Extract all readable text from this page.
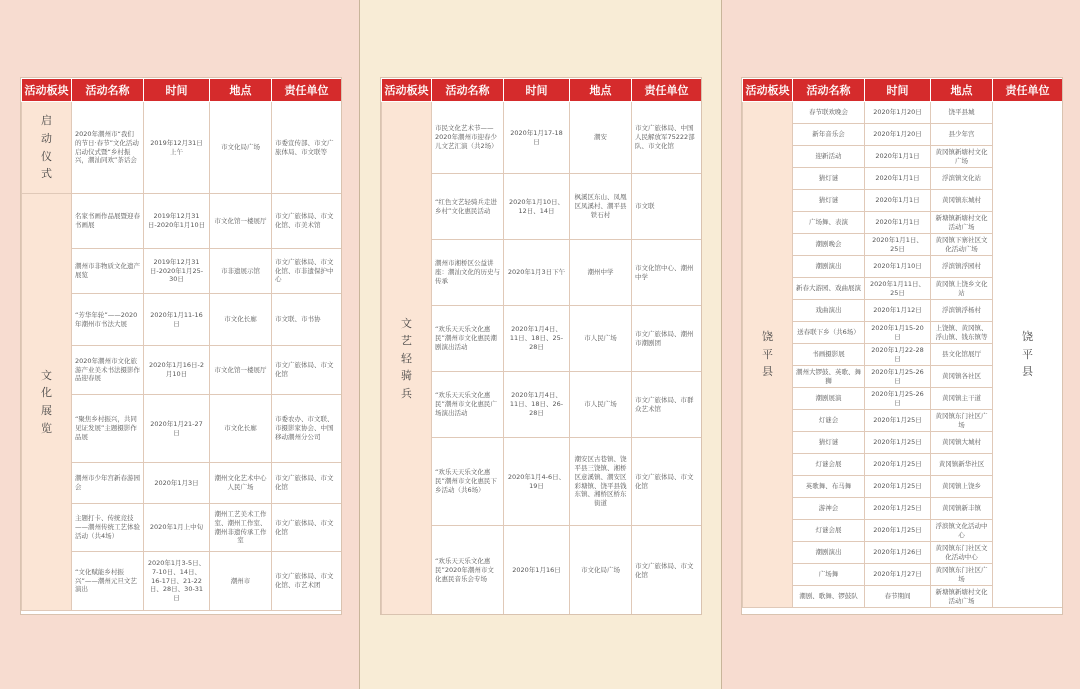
活动板块	活动名称	时间	地点	责任单位
启动仪式	2020年潮州市“我们的节日·春节”文化活动启动仪式暨“乡村振兴，潮汕同欢”茶话会	2019年12月31日上午	市文化局广场	市委宣传部、市文广旅体局、市文联等
文化展览	名家书画作品展暨迎春书画展	2019年12月31日-2020年1月10日	市文化馆一楼展厅	市文广旅体局、市文化馆、市美术馆
	潮州市非物质文化遗产展览	2019年12月31日-2020年1月25-30日	市非遗展示馆	市文广旅体局、市文化馆、市非遗保护中心
	“芳华年轮”——2020年潮州市书法大展	2020年1月11-16日	市文化长廊	市文联、市书协
	2020年潮州市文化旅游产业美术书法摄影作品迎春展	2020年1月16日-2月10日	市文化馆一楼展厅	市文广旅体局、市文化馆
	“聚焦乡村振兴，共同见证发展”主题摄影作品展	2020年1月21-27日	市文化长廊	市委农办、市文联、市摄影家协会、中国移动潮州分公司
	潮州市少年宫新春游园会	2020年1月3日	潮州文化艺术中心人民广场	市文广旅体局、市文化馆
	主题打卡、传统竞技——潮州传统工艺体验活动（共4场）	2020年1月上中旬	潮州工艺美术工作室、潮州工作室、潮州非遗传承工作室	市文广旅体局、市文化馆
	“文化赋能乡村振兴”——潮州元旦文艺演出	2020年1月3-5日、7-10日、14日、16-17日、21-22日、28日、30-31日	潮州市	市文广旅体局、市文化馆、市艺术团
活动板块	活动名称	时间	地点	责任单位
文艺轻骑兵	市民文化艺术节——2020年潮州市迎春少儿文艺汇演（共2场）	2020年1月17-18日	潮安	市文广旅体局、中国人民解放军75222部队、市文化馆
	“红色文艺轻骑兵走进乡村”文化惠民活动	2020年1月10日、12日、14日	枫溪区东山、凤凰区凤溪村、潮平县铁石村	市文联
	潮州市湘桥区公益讲座：潮汕文化的历史与传承	2020年1月3日下午	潮州中学	市文化馆中心、潮州中学
	“欢乐天天乐文化惠民”潮州市文化惠民潮剧演出活动	2020年1月4日、11日、18日、25-28日	市人民广场	市文广旅体局、潮州市潮剧团
	“欢乐天天乐文化惠民”潮州市文化惠民广场演出活动	2020年1月4日、11日、18日、26-28日	市人民广场	市文广旅体局、市群众艺术馆
	“欢乐天天乐文化惠民”潮州市文化惠民下乡活动（共6场）	2020年1月4-6日、19日	潮安区古巷镇、饶平县三饶镇、湘桥区意溪镇、潮安区彩塘镇、饶平县钱东镇、湘桥区桥东街道	市文广旅体局、市文化馆
	“欢乐天天乐文化惠民”2020年潮州市文化惠民音乐会专场	2020年1月16日	市文化局广场	市文广旅体局、市文化馆
活动板块	活动名称	时间	地点	责任单位
饶平县	春节联欢晚会	2020年1月20日	饶平县城	饶平县
	新年音乐会	2020年1月20日	县少年宫	
	迎新活动	2020年1月1日	黄冈镇新塘村文化广场	
	猜灯谜	2020年1月1日	浮滨镇文化站	
	猜灯谜	2020年1月1日	黄冈镇东城村	
	广场舞、表演	2020年1月1日	新塘镇新塘村文化活动广场	
	潮剧晚会	2020年1月1日、25日	黄冈镇下寨社区文化活动广场	
	潮剧演出	2020年1月10日	浮滨镇浮园村	
	新春大游园、戏曲展演	2020年1月11日、25日	黄冈镇上饶乡文化站	
	戏曲演出	2020年1月12日	浮滨镇浮杨村	
	送春联下乡（共6场）	2020年1月15-20日	上饶镇、黄冈镇、浮山镇、钱东镇等	
	书画摄影展	2020年1月22-28日	县文化馆展厅	
	潮州大锣鼓、英歌、舞狮	2020年1月25-26日	黄冈镇各社区	
	潮剧展演	2020年1月25-26日	黄冈镇主干道	
	灯谜会	2020年1月25日	黄冈镇东门社区广场	
	猜灯谜	2020年1月25日	黄冈镇大城村	
	灯谜会展	2020年1月25日	黄冈镇新华社区	
	英歌舞、布马舞	2020年1月25日	黄冈镇上饶乡	
	游神会	2020年1月25日	黄冈镇新丰镇	
	灯谜会展	2020年1月25日	浮滨镇文化活动中心	
	潮剧演出	2020年1月26日	黄冈镇东门社区文化活动中心	
	广场舞	2020年1月27日	黄冈镇东门社区广场	
	潮剧、歌舞、锣鼓队	春节期间	新塘镇新塘村文化活动广场	
